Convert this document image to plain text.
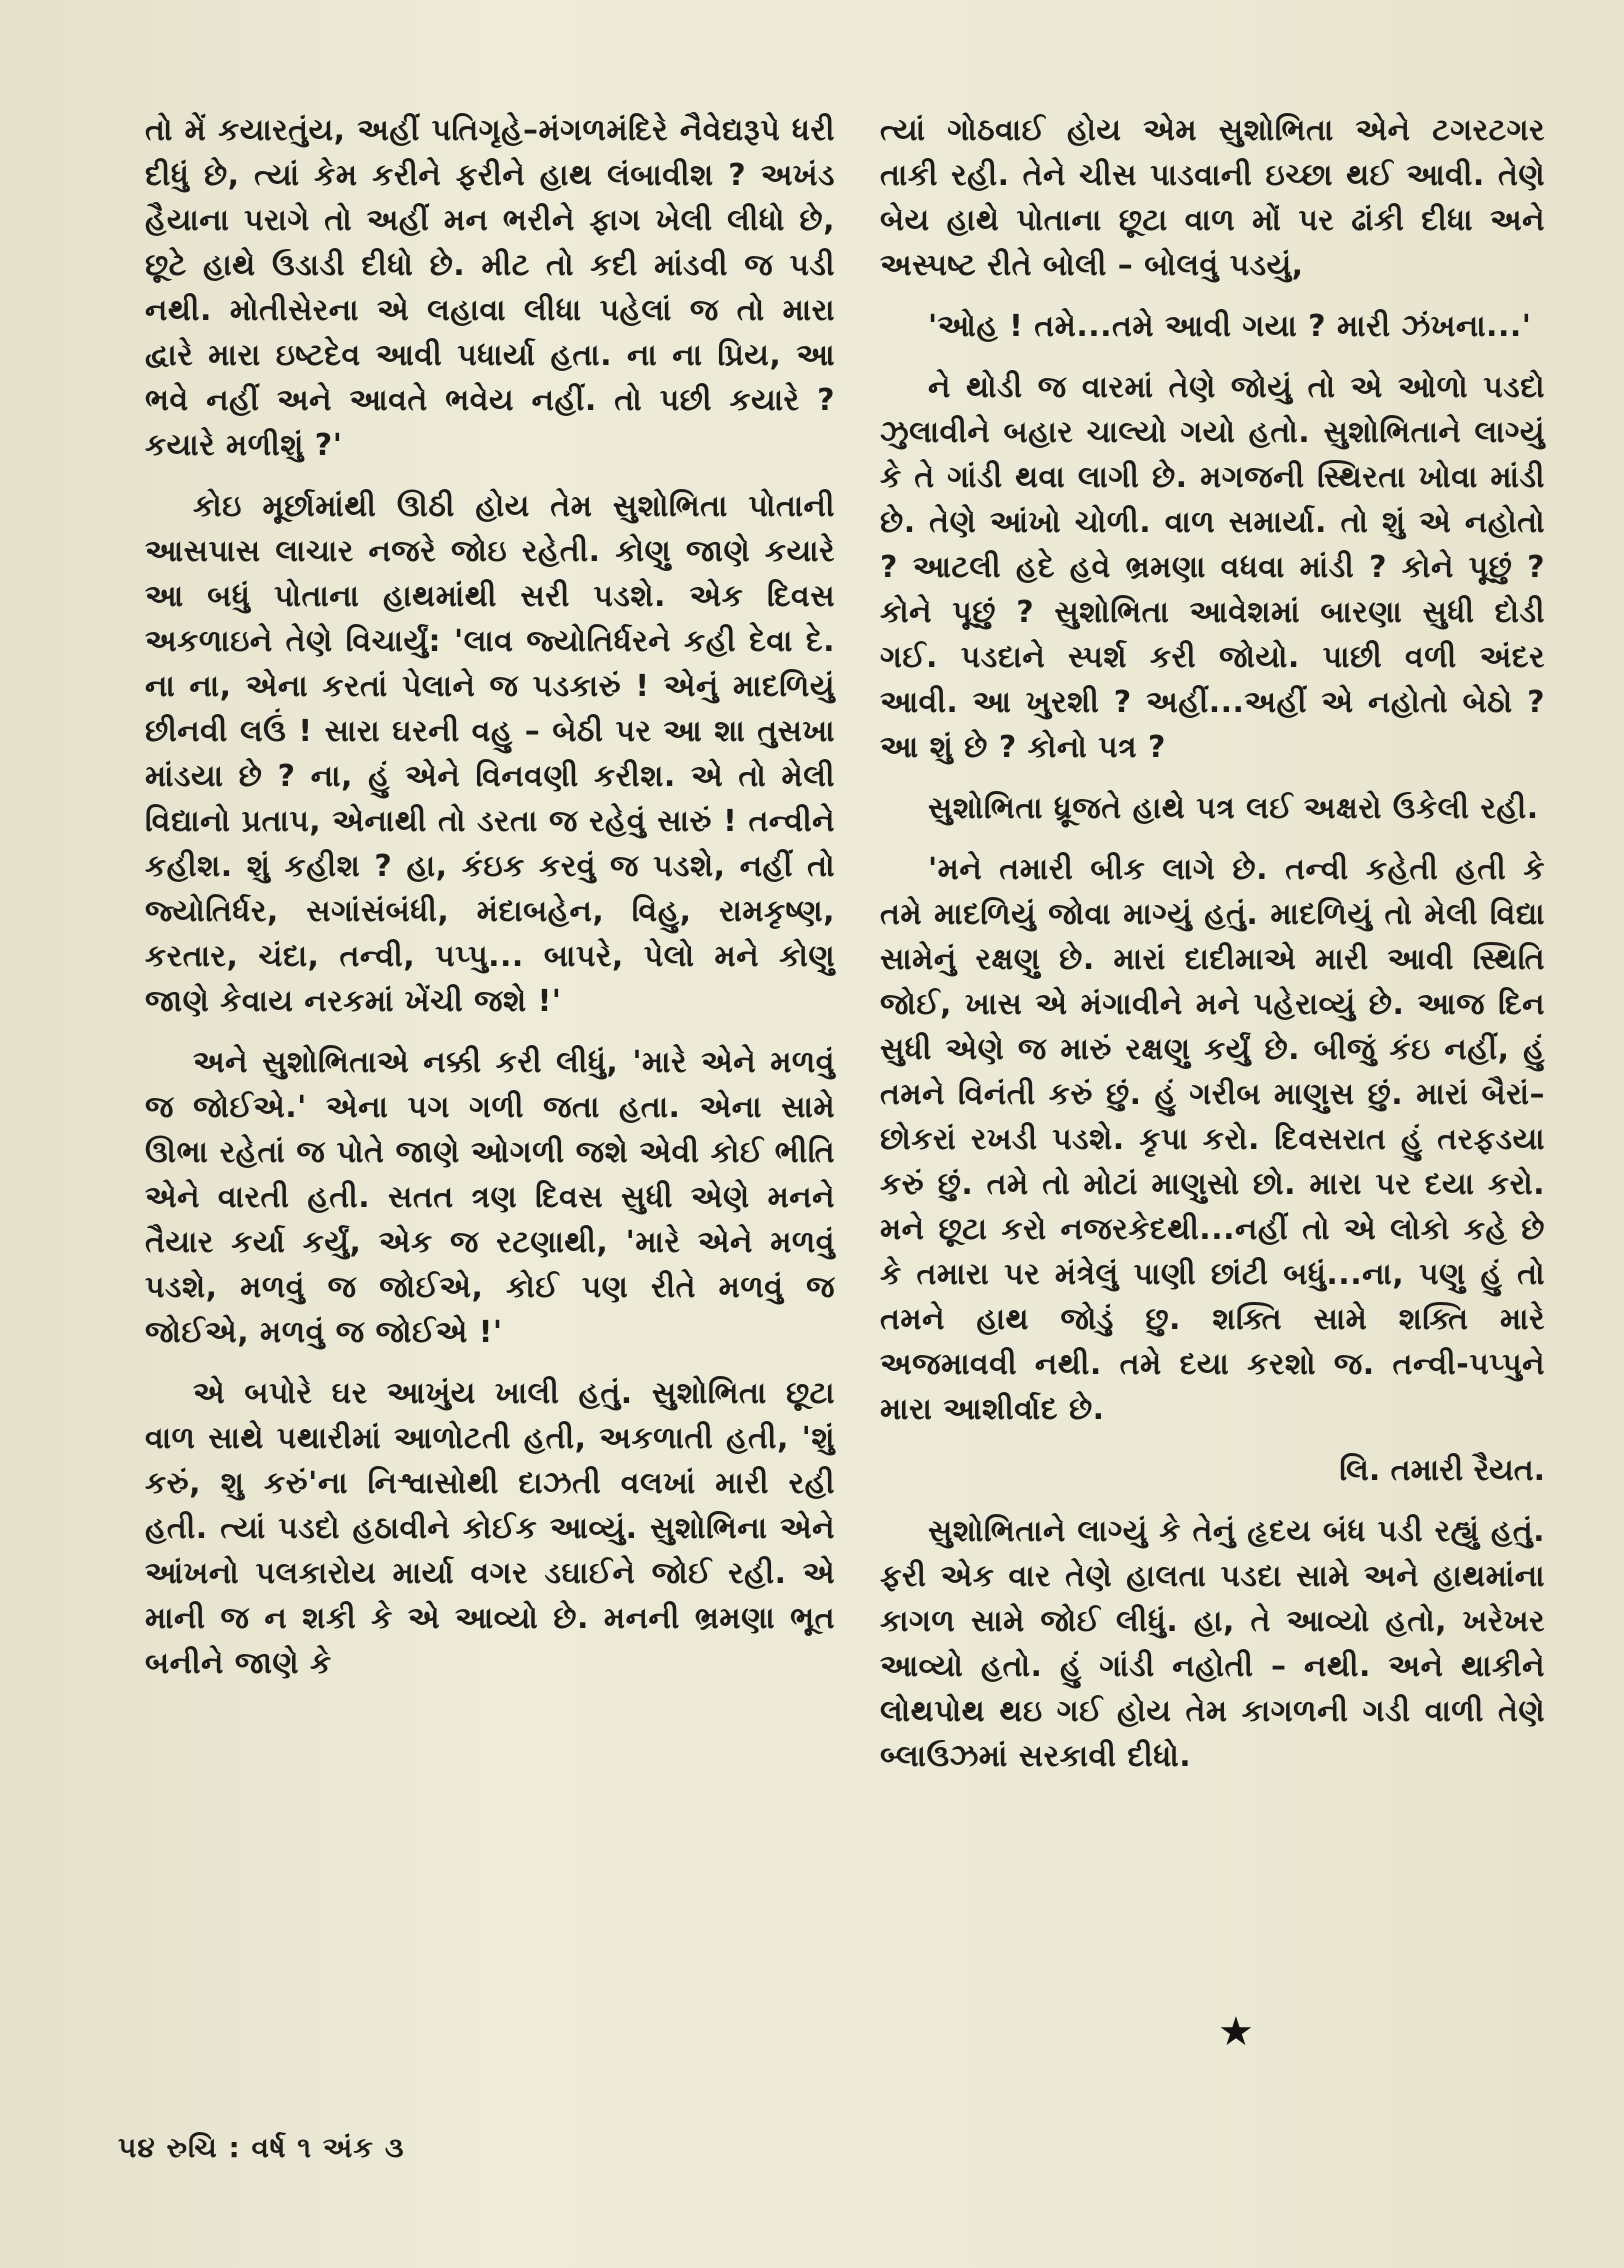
તો મેં કયારતુંય, અહીં પતિગૃહે–મંગળમંદિરે નૈવેદ્યરૂપે ધરી દીધું છે, ત્યાં કેમ કરીને ફરીને હાથ લંબાવીશ ? અખંડ હૈયાના પરાગે તો અહીં મન ભરીને ફાગ ખેલી લીધો છે, છૂટે હાથે ઉડાડી દીધો છે. મીટ તો કદી માંડવી જ પડી નથી. મોતીસેરના એ લહાવા લીધા પહેલાં જ તો મારા દ્વારે મારા ઇષ્ટદેવ આવી પધાર્યા હતા. ના ના પ્રિય, આ ભવે નહીં અને આવતે ભવેય નહીં. તો પછી કયારે ? કયારે મળીશું ?'

કોઇ મૂર્છામાંથી ઊઠી હોય તેમ સુશોભિતા પોતાની આસપાસ લાચાર નજરે જોઇ રહેતી. કોણુ જાણે કયારે આ બધું પોતાના હાથમાંથી સરી પડશે. એક દિવસ અકળાઇને તેણે વિચાર્યું: 'લાવ જ્યોતિર્ધરને કહી દેવા દે. ના ના, એના કરતાં પેલાને જ પડકારું ! એનું માદળિયું છીનવી લઉં ! સારા ઘરની વહુ – બેઠી પર આ શા તુસખા માંડયા છે ? ના, હું એને વિનવણી કરીશ. એ તો મેલી વિદ્યાનો પ્રતાપ, એનાથી તો ડરતા જ રહેવું સારું ! તન્વીને કહીશ. શું કહીશ ? હા, કંઇક કરવું જ પડશે, નહીં તો જ્યોતિર્ધર, સગાંસંબંધી, મંદાબહેન, વિહુ, રામકૃષ્ણ, કરતાર, ચંદા, તન્વી, પપ્પુ... બાપરે, પેલો મને કોણુ જાણે કેવાય નરકમાં ખેંચી જશે !'

અને સુશોભિતાએ નક્કી કરી લીધું, 'મારે એને મળવું જ જોઈએ.' એના પગ ગળી જતા હતા. એના સામે ઊભા રહેતાં જ પોતે જાણે ઓગળી જશે એવી કોઈ ભીતિ એને વારતી હતી. સતત ત્રણ દિવસ સુધી એણે મનને તૈયાર કર્યા કર્યું, એક જ રટણાથી, 'મારે એને મળવું પડશે, મળવું જ જોઈએ, કોઈ પણ રીતે મળવું જ જોઈએ, મળવું જ જોઈએ !'

એ બપોરે ઘર આખુંય ખાલી હતું. સુશોભિતા છૂટા વાળ સાથે પથારીમાં આળોટતી હતી, અકળાતી હતી, 'શું કરું, શુ કરું'ના નિશ્વાસોથી દાઝતી વલખાં મારી રહી હતી. ત્યાં પડદો હઠાવીને કોઈક આવ્યું. સુશોભિના એને આંખનો પલકારોય માર્યા વગર ડઘાઈને જોઈ રહી. એ માની જ ન શકી કે એ આવ્યો છે. મનની ભ્રમણા ભૂત બનીને જાણે કે

ત્યાં ગોઠવાઈ હોય એમ સુશોભિતા એને ટગરટગર તાકી રહી. તેને ચીસ પાડવાની ઇચ્છા થઈ આવી. તેણે બેય હાથે પોતાના છૂટા વાળ મોં પર ઢાંકી દીધા અને અસ્પષ્ટ રીતે બોલી – બોલવું પડયું,

'ઓહ ! તમે...તમે આવી ગયા ? મારી ઝંખના...'

ને થોડી જ વારમાં તેણે જોયું તો એ ઓળો પડદો ઝુલાવીને બહાર ચાલ્યો ગયો હતો. સુશોભિતાને લાગ્યું કે તે ગાંડી થવા લાગી છે. મગજની સ્થિરતા ખોવા માંડી છે. તેણે આંખો ચોળી. વાળ સમાર્યા. તો શું એ નહોતો ? આટલી હદે હવે ભ્રમણા વધવા માંડી ? કોને પૂછું ? કોને પૂછું ? સુશોભિતા આવેશમાં બારણા સુધી દોડી ગઈ. પડદાને સ્પર્શ કરી જોયો. પાછી વળી અંદર આવી. આ ખુરશી ? અહીં...અહીં એ નહોતો બેઠો ? આ શું છે ? કોનો પત્ર ?

સુશોભિતા ધ્રૂજતે હાથે પત્ર લઈ અક્ષરો ઉકેલી રહી.

'મને તમારી બીક લાગે છે. તન્વી કહેતી હતી કે તમે માદળિયું જોવા માગ્યું હતું. માદળિયું તો મેલી વિદ્યા સામેનું રક્ષણુ છે. મારાં દાદીમાએ મારી આવી સ્થિતિ જોઈ, ખાસ એ મંગાવીને મને પહેરાવ્યું છે. આજ દિન સુધી એણે જ મારું રક્ષણુ કર્યું છે. બીજું કંઇ નહીં, હું તમને વિનંતી કરું છું. હું ગરીબ માણુસ છું. મારાં બૈરાં–છોકરાં રખડી પડશે. કૃપા કરો. દિવસરાત હું તરફડયા કરું છું. તમે તો મોટાં માણુસો છો. મારા પર દયા કરો. મને છૂટા કરો નજરકેદથી...નહીં તો એ લોકો કહે છે કે તમારા પર મંત્રેલું પાણી છાંટી બધું...ના, પણુ હું તો તમને હાથ જોડું છુ. શક્તિ સામે શક્તિ મારે અજમાવવી નથી. તમે દયા કરશો જ. તન્વી-પપ્પુને મારા આશીર્વાદ છે.

લિ. તમારી રૈયત.

સુશોભિતાને લાગ્યું કે તેનું હૃદય બંધ પડી રહ્યું હતું. ફરી એક વાર તેણે હાલતા પડદા સામે અને હાથમાંના કાગળ સામે જોઈ લીધું. હા, તે આવ્યો હતો, ખરેખર આવ્યો હતો. હું ગાંડી નહોતી – નથી. અને થાકીને લોથપોથ થઇ ગઈ હોય તેમ કાગળની ગડી વાળી તેણે બ્લાઉઝમાં સરકાવી દીધો.

★
૫૪ રુચિ : વર્ષ ૧ અંક ૩
